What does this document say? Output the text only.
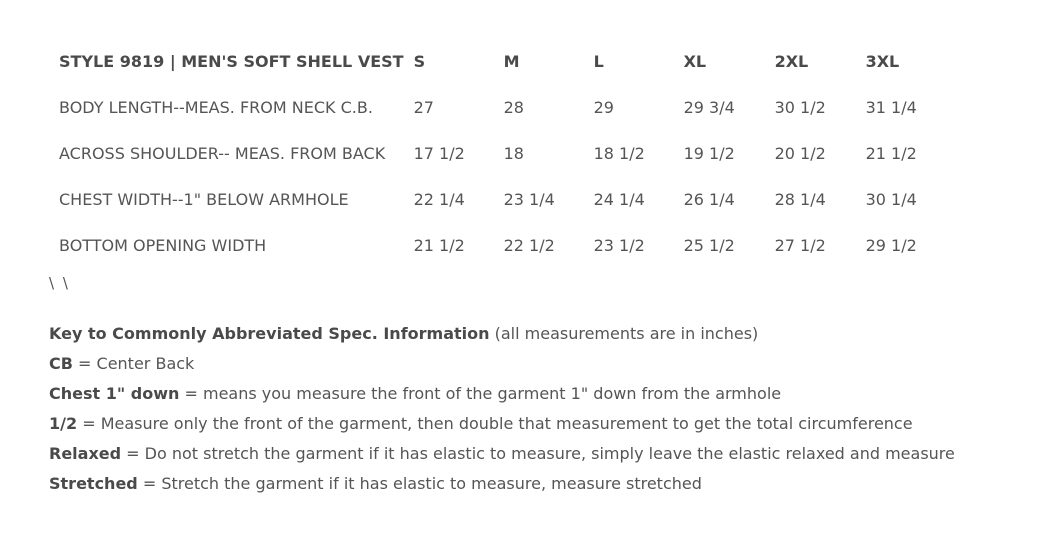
STYLE 9819 | MEN'S SOFT SHELL VEST	S	M	L	XL	2XL	3XL
BODY LENGTH--MEAS. FROM NECK C.B.	27	28	29	29 3/4	30 1/2	31 1/4
ACROSS SHOULDER-- MEAS. FROM BACK	17 1/2	18	18 1/2	19 1/2	20 1/2	21 1/2
CHEST WIDTH--1" BELOW ARMHOLE	22 1/4	23 1/4	24 1/4	26 1/4	28 1/4	30 1/4
BOTTOM OPENING WIDTH	21 1/2	22 1/2	23 1/2	25 1/2	27 1/2	29 1/2
\ \
Key to Commonly Abbreviated Spec. Information (all measurements are in inches)
CB = Center Back
Chest 1" down = means you measure the front of the garment 1" down from the armhole
1/2 = Measure only the front of the garment, then double that measurement to get the total circumference
Relaxed = Do not stretch the garment if it has elastic to measure, simply leave the elastic relaxed and measure
Stretched = Stretch the garment if it has elastic to measure, measure stretched
